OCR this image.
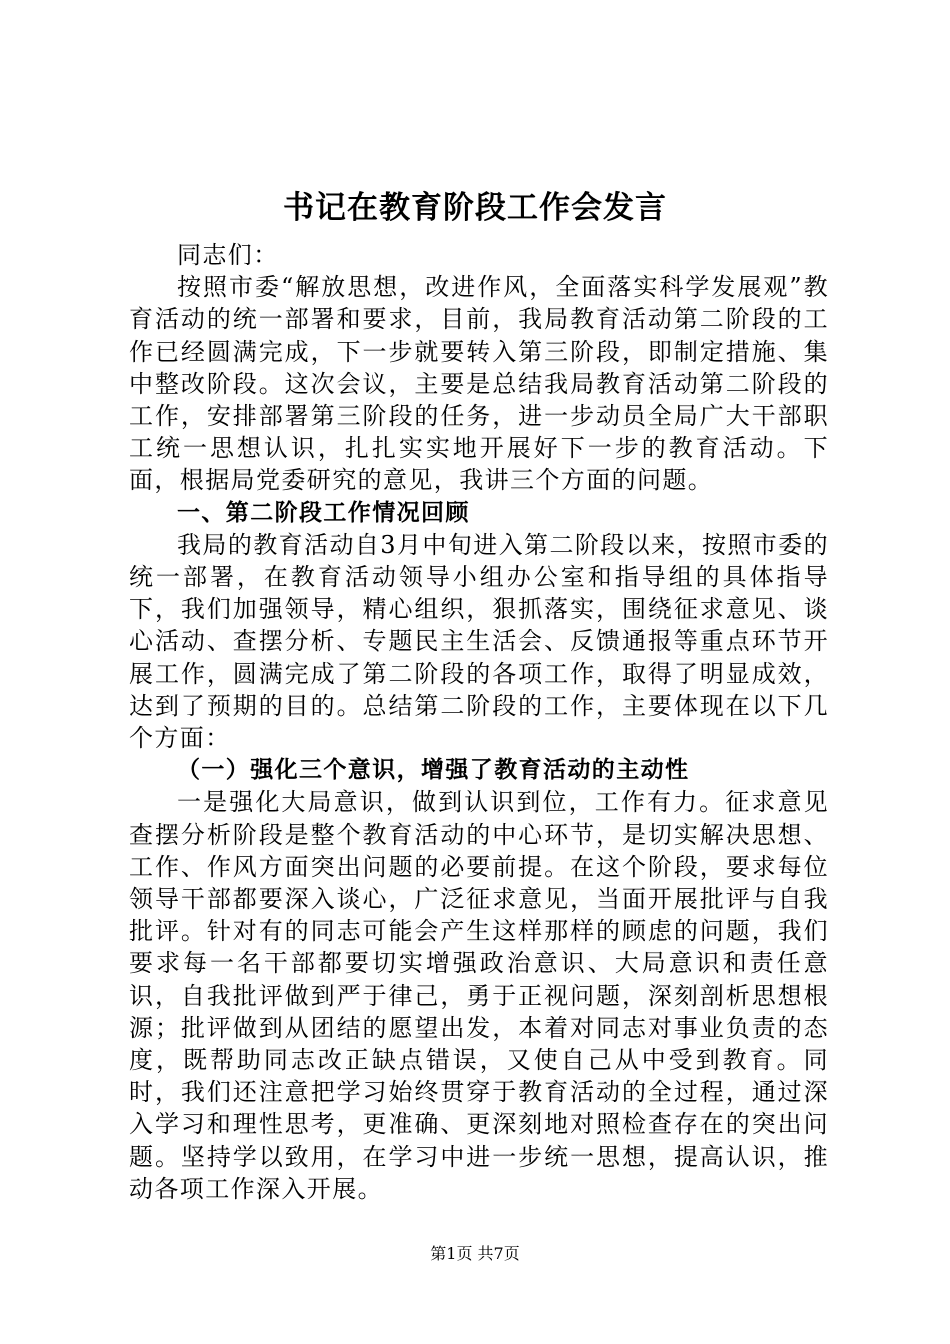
书记在教育阶段工作会发言

同志们：

按照市委“解放思想，改进作风，全面落实科学发展观”教育活动的统一部署和要求，目前，我局教育活动第二阶段的工作已经圆满完成，下一步就要转入第三阶段，即制定措施、集中整改阶段。这次会议，主要是总结我局教育活动第二阶段的工作，安排部署第三阶段的任务，进一步动员全局广大干部职工统一思想认识，扎扎实实地开展好下一步的教育活动。下面，根据局党委研究的意见，我讲三个方面的问题。

一、第二阶段工作情况回顾

我局的教育活动自3月中旬进入第二阶段以来，按照市委的统一部署，在教育活动领导小组办公室和指导组的具体指导下，我们加强领导，精心组织，狠抓落实，围绕征求意见、谈心活动、查摆分析、专题民主生活会、反馈通报等重点环节开展工作，圆满完成了第二阶段的各项工作，取得了明显成效，达到了预期的目的。总结第二阶段的工作，主要体现在以下几个方面：

（一）强化三个意识，增强了教育活动的主动性

一是强化大局意识，做到认识到位，工作有力。征求意见查摆分析阶段是整个教育活动的中心环节，是切实解决思想、工作、作风方面突出问题的必要前提。在这个阶段，要求每位领导干部都要深入谈心，广泛征求意见，当面开展批评与自我批评。针对有的同志可能会产生这样那样的顾虑的问题，我们要求每一名干部都要切实增强政治意识、大局意识和责任意识，自我批评做到严于律己，勇于正视问题，深刻剖析思想根源；批评做到从团结的愿望出发，本着对同志对事业负责的态度，既帮助同志改正缺点错误，又使自己从中受到教育。同时，我们还注意把学习始终贯穿于教育活动的全过程，通过深入学习和理性思考，更准确、更深刻地对照检查存在的突出问题。坚持学以致用，在学习中进一步统一思想，提高认识，推动各项工作深入开展。

第1页 共7页
